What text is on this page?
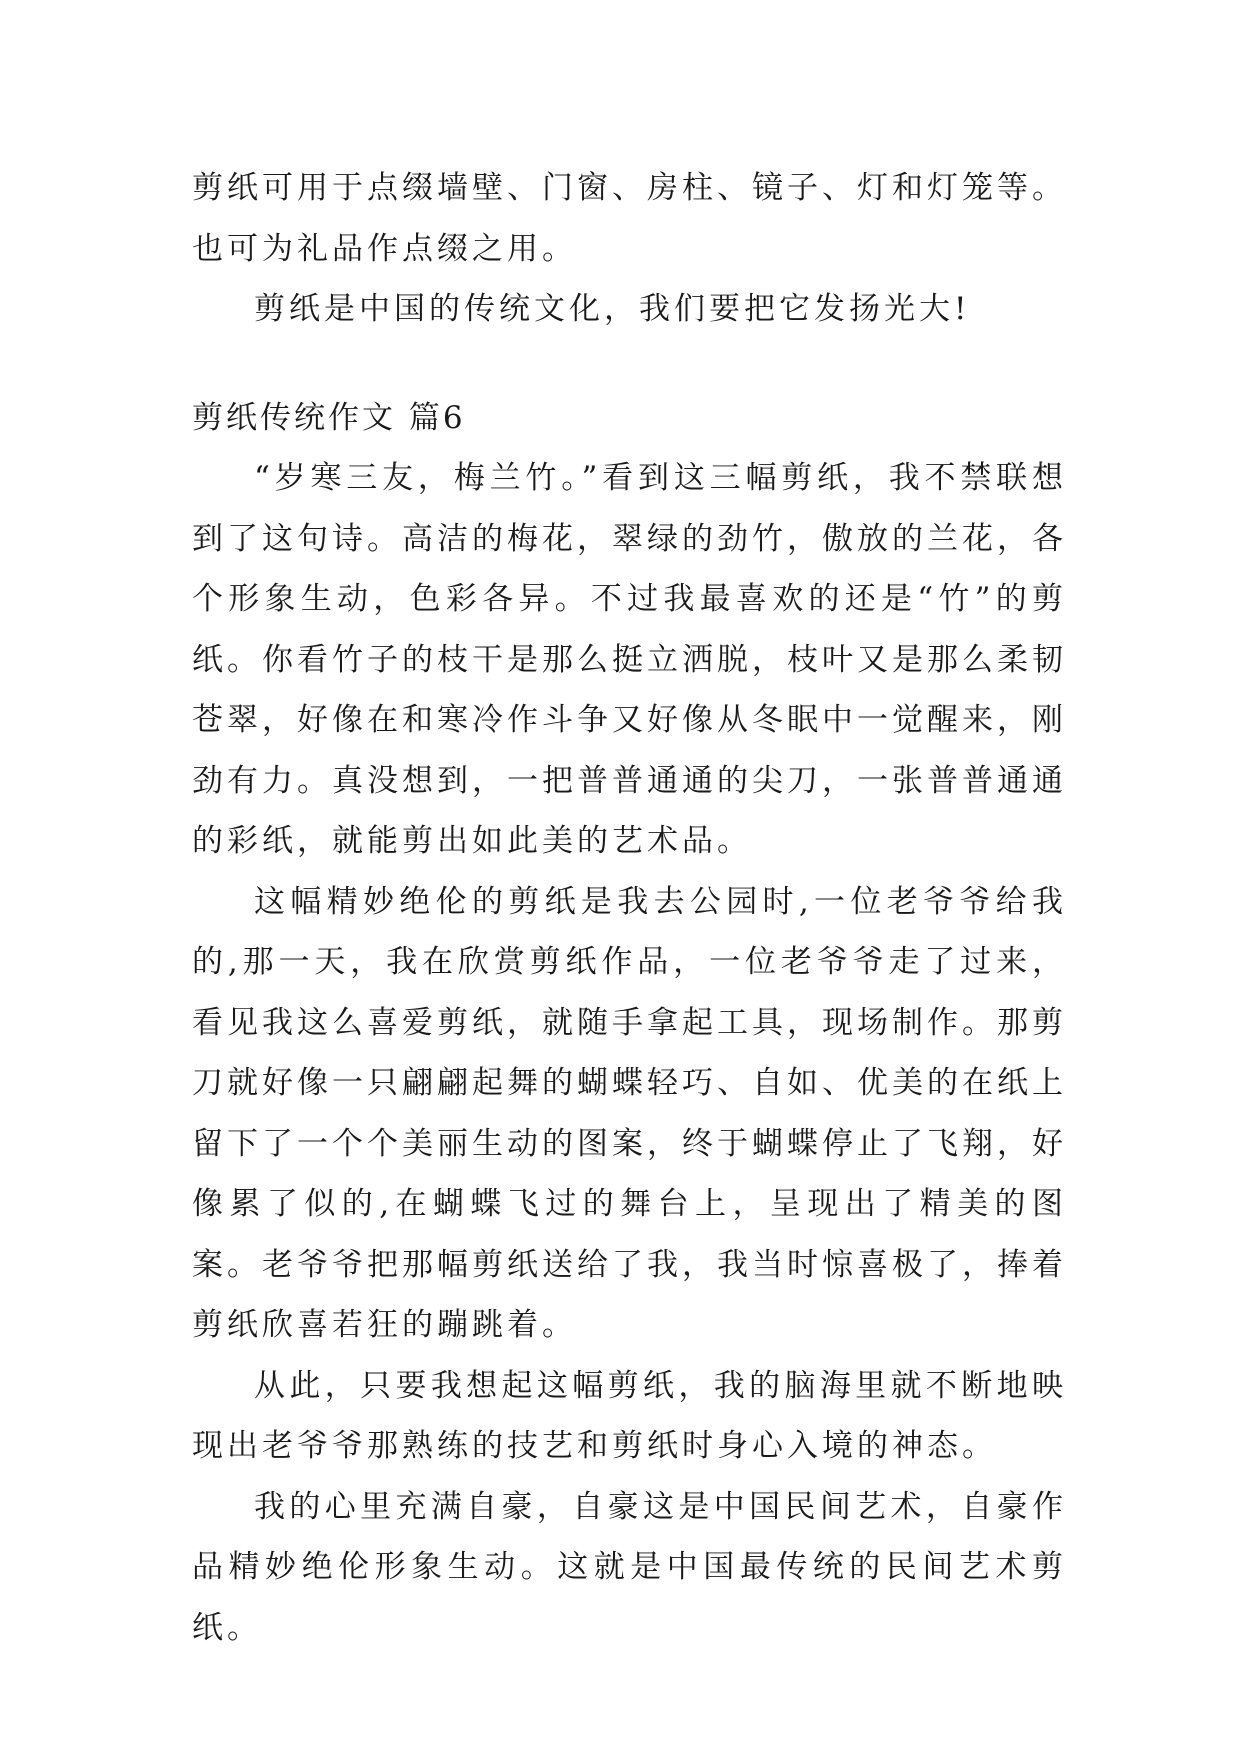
剪纸可用于点缀墙壁、门窗、房柱、镜子、灯和灯笼等。也可为礼品作点缀之用。

剪纸是中国的传统文化，我们要把它发扬光大!

剪纸传统作文 篇6

“岁寒三友，梅兰竹。”看到这三幅剪纸，我不禁联想到了这句诗。高洁的梅花，翠绿的劲竹，傲放的兰花，各个形象生动，色彩各异。不过我最喜欢的还是“竹”的剪纸。你看竹子的枝干是那么挺立洒脱，枝叶又是那么柔韧苍翠，好像在和寒冷作斗争又好像从冬眠中一觉醒来，刚劲有力。真没想到，一把普普通通的尖刀，一张普普通通的彩纸，就能剪出如此美的艺术品。

这幅精妙绝伦的剪纸是我去公园时,一位老爷爷给我的,那一天，我在欣赏剪纸作品，一位老爷爷走了过来，看见我这么喜爱剪纸，就随手拿起工具，现场制作。那剪刀就好像一只翩翩起舞的蝴蝶轻巧、自如、优美的在纸上留下了一个个美丽生动的图案，终于蝴蝶停止了飞翔，好像累了似的,在蝴蝶飞过的舞台上，呈现出了精美的图案。老爷爷把那幅剪纸送给了我，我当时惊喜极了，捧着剪纸欣喜若狂的蹦跳着。

从此，只要我想起这幅剪纸，我的脑海里就不断地映现出老爷爷那熟练的技艺和剪纸时身心入境的神态。

我的心里充满自豪，自豪这是中国民间艺术，自豪作品精妙绝伦形象生动。这就是中国最传统的民间艺术剪纸。
